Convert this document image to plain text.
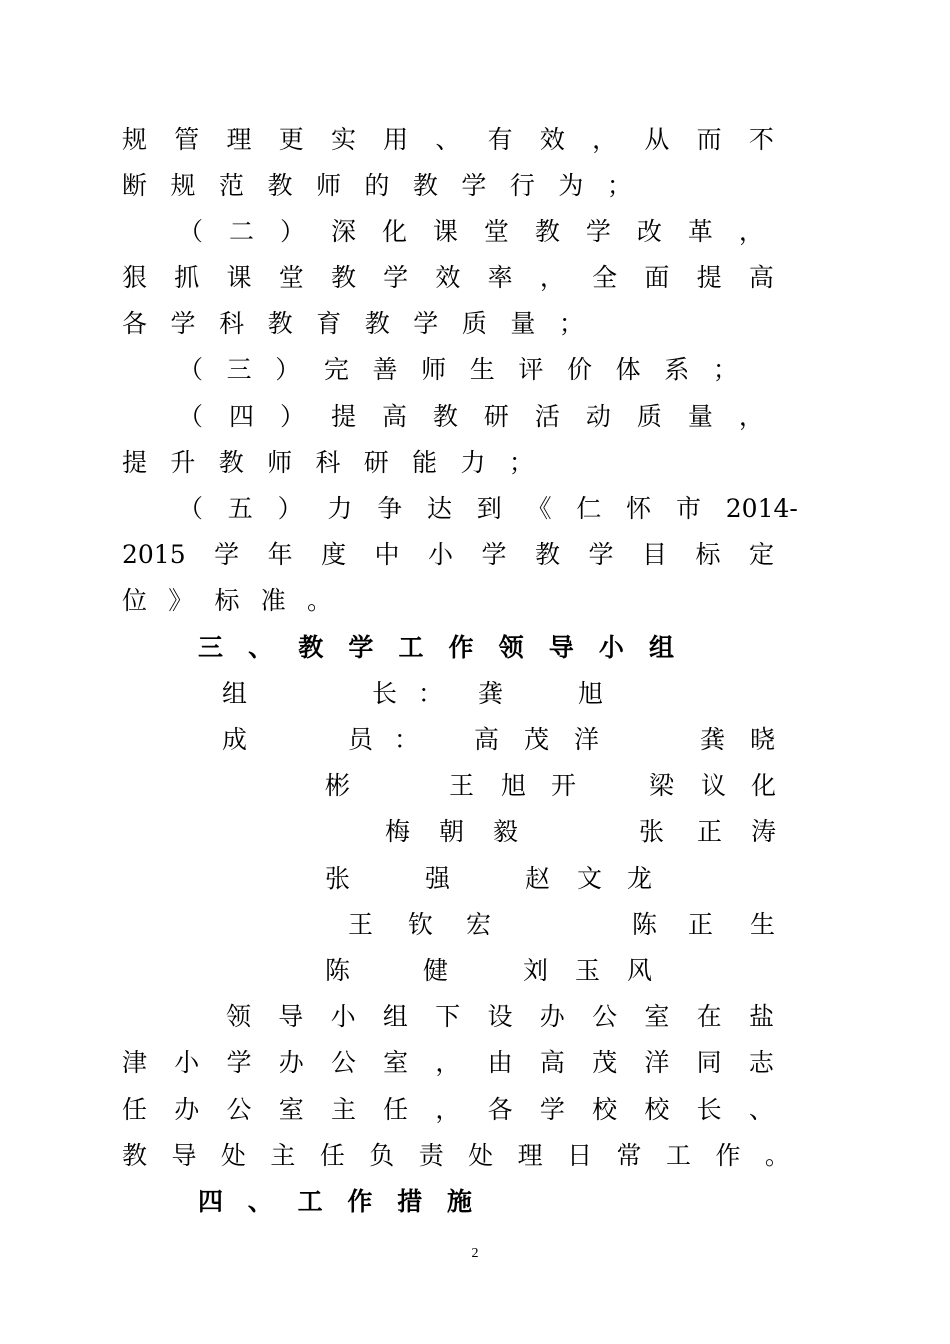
规 管 理 更 实 用 、 有 效 ， 从 而 不

断 规 范 教 师 的 教 学 行 为 ；

（ 二 ） 深 化 课 堂 教 学 改 革 ，

狠 抓 课 堂 教 学 效 率 ， 全 面 提 高

各 学 科 教 育 教 学 质 量 ；

（ 三 ） 完 善 师 生 评 价 体 系 ；

（ 四 ） 提 高 教 研 活 动 质 量 ，

提 升 教 师 科 研 能 力 ；

（ 五 ） 力 争 达 到 《 仁 怀 市 2014-

2015 学 年 度 中 小 学 教 学 目 标 定

位 》 标 准 。

三 、 教 学 工 作 领 导 小 组

组	长 ： 龚	旭

成	员 ： 高 茂 洋	龚 晓

彬	王 旭 开	梁 议 化

梅 朝 毅	张 正 涛

张	强	赵 文 龙

王 钦 宏	陈 正 生

陈	健	刘 玉 风

领 导 小 组 下 设 办 公 室 在 盐

津 小 学 办 公 室 ， 由 高 茂 洋 同 志

任 办 公 室 主 任 ， 各 学 校 校 长 、

教 导 处 主 任 负 责 处 理 日 常 工 作 。

四 、 工 作 措 施

2
